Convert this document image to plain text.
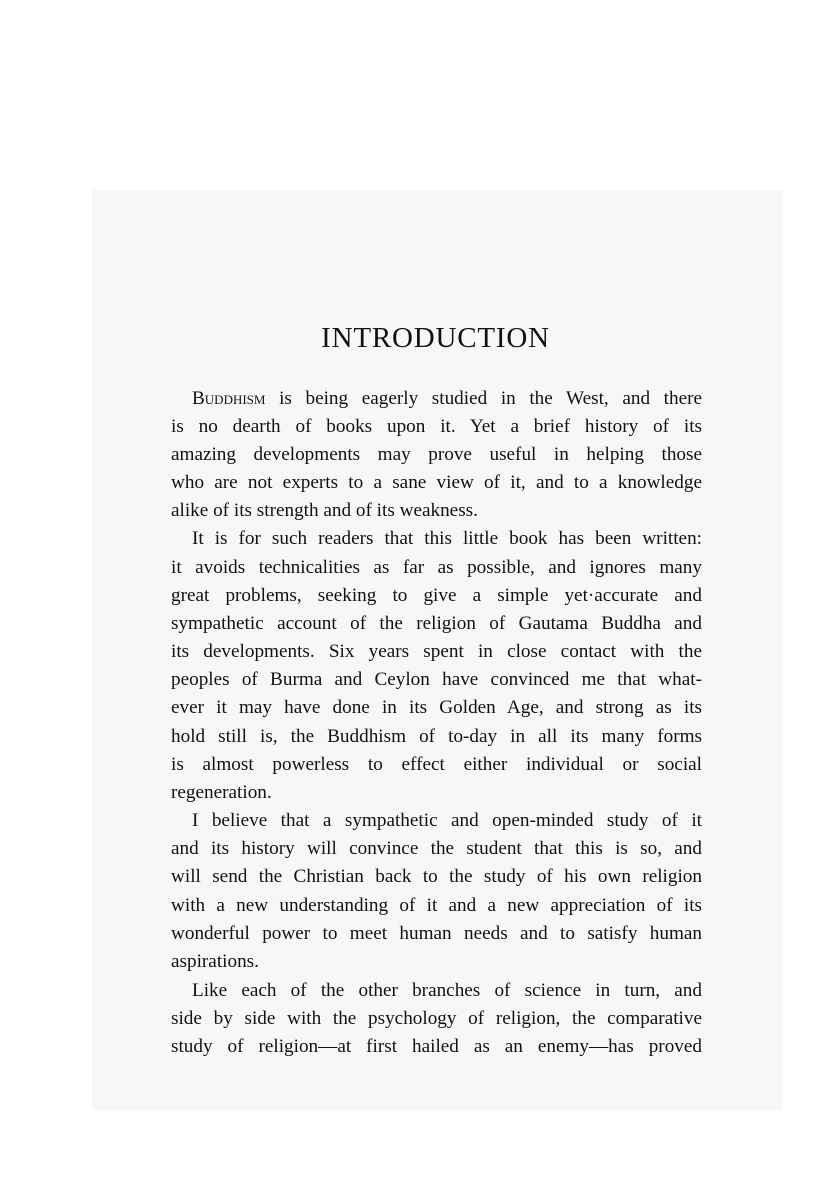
INTRODUCTION
Buddhism is being eagerly studied in the West, and there
is no dearth of books upon it. Yet a brief history of its
amazing developments may prove useful in helping those
who are not experts to a sane view of it, and to a knowledge
alike of its strength and of its weakness.
It is for such readers that this little book has been written:
it avoids technicalities as far as possible, and ignores many
great problems, seeking to give a simple yet·accurate and
sympathetic account of the religion of Gautama Buddha and
its developments. Six years spent in close contact with the
peoples of Burma and Ceylon have convinced me that what-
ever it may have done in its Golden Age, and strong as its
hold still is, the Buddhism of to-day in all its many forms
is almost powerless to effect either individual or social
regeneration.
I believe that a sympathetic and open-minded study of it
and its history will convince the student that this is so, and
will send the Christian back to the study of his own religion
with a new understanding of it and a new appreciation of its
wonderful power to meet human needs and to satisfy human
aspirations.
Like each of the other branches of science in turn, and
side by side with the psychology of religion, the comparative
study of religion—at first hailed as an enemy—has proved
